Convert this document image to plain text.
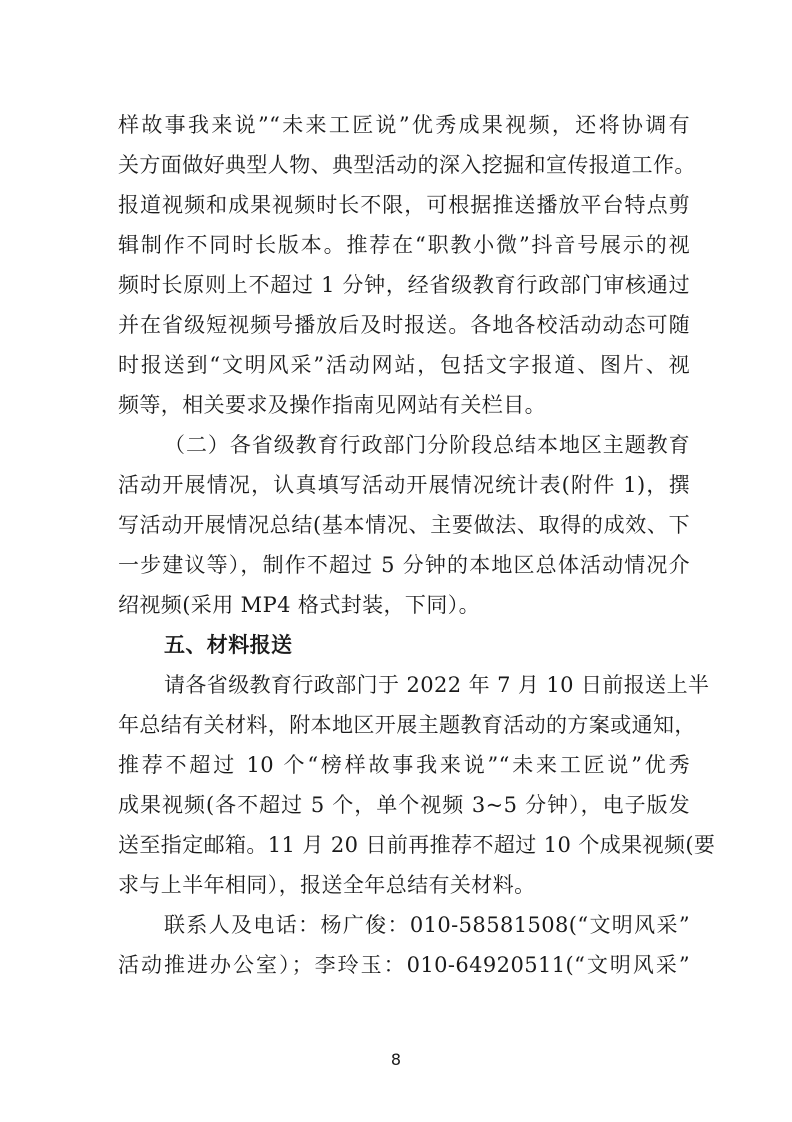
样故事我来说”“未来工匠说”优秀成果视频，还将协调有
关方面做好典型人物、典型活动的深入挖掘和宣传报道工作。
报道视频和成果视频时长不限，可根据推送播放平台特点剪
辑制作不同时长版本。推荐在“职教小微”抖音号展示的视
频时长原则上不超过 1 分钟，经省级教育行政部门审核通过
并在省级短视频号播放后及时报送。各地各校活动动态可随
时报送到“文明风采”活动网站，包括文字报道、图片、视
频等，相关要求及操作指南见网站有关栏目。
（二）各省级教育行政部门分阶段总结本地区主题教育
活动开展情况，认真填写活动开展情况统计表(附件 1)，撰
写活动开展情况总结(基本情况、主要做法、取得的成效、下
一步建议等），制作不超过 5 分钟的本地区总体活动情况介
绍视频(采用 MP4 格式封装，下同）。
五、材料报送
请各省级教育行政部门于 2022 年 7 月 10 日前报送上半
年总结有关材料，附本地区开展主题教育活动的方案或通知，
推荐不超过 10 个“榜样故事我来说”“未来工匠说”优秀
成果视频(各不超过 5 个，单个视频 3~5 分钟），电子版发
送至指定邮箱。11 月 20 日前再推荐不超过 10 个成果视频(要
求与上半年相同），报送全年总结有关材料。
联系人及电话：杨广俊：010-58581508(“文明风采”
活动推进办公室）；李玲玉：010-64920511(“文明风采”
8
